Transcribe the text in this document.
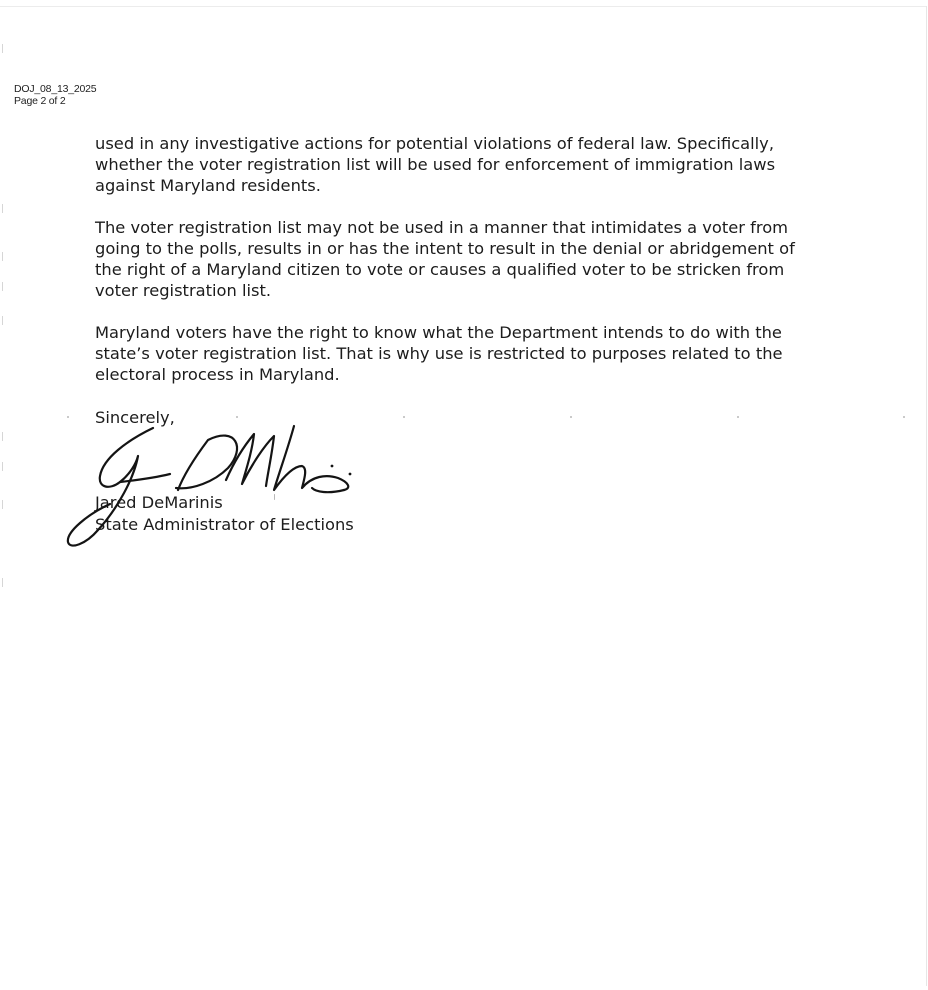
DOJ_08_13_2025
Page 2 of 2

used in any investigative actions for potential violations of federal law. Specifically,
whether the voter registration list will be used for enforcement of immigration laws
against Maryland residents.

The voter registration list may not be used in a manner that intimidates a voter from
going to the polls, results in or has the intent to result in the denial or abridgement of
the right of a Maryland citizen to vote or causes a qualified voter to be stricken from
voter registration list.

Maryland voters have the right to know what the Department intends to do with the
state’s voter registration list. That is why use is restricted to purposes related to the
electoral process in Maryland.

Sincerely,
Jared DeMarinis
State Administrator of Elections
